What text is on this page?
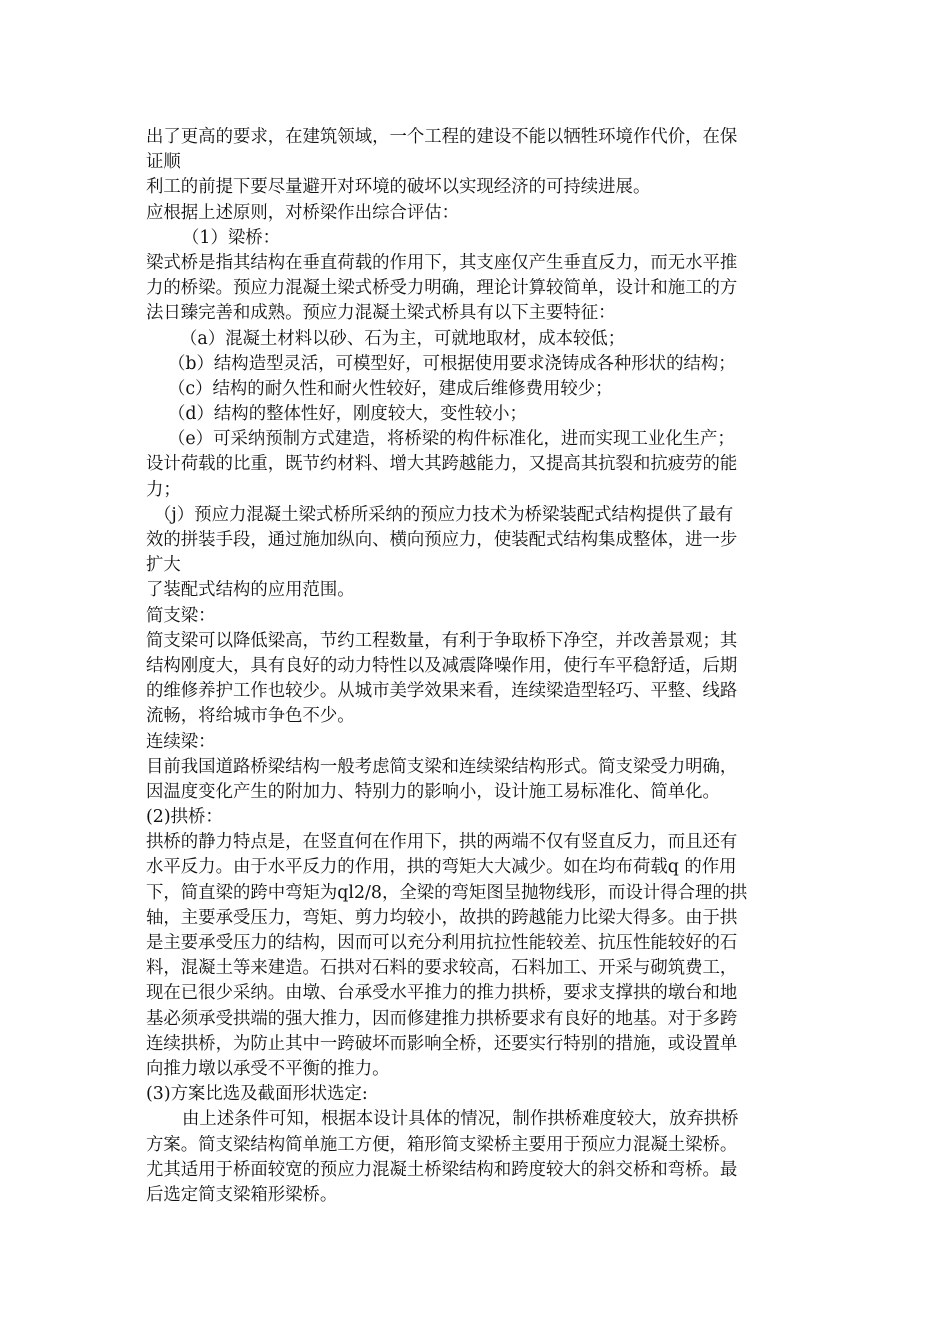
出了更高的要求，在建筑领域，一个工程的建设不能以牺牲环境作代价，在保
证顺
利工的前提下要尽量避开对环境的破坏以实现经济的可持续进展。
应根据上述原则，对桥梁作出综合评估：
（1）梁桥：
梁式桥是指其结构在垂直荷载的作用下，其支座仅产生垂直反力，而无水平推
力的桥梁。预应力混凝土梁式桥受力明确，理论计算较简单，设计和施工的方
法日臻完善和成熟。预应力混凝土梁式桥具有以下主要特征：
（a）混凝土材料以砂、石为主，可就地取材，成本较低；
（b）结构造型灵活，可模型好，可根据使用要求浇铸成各种形状的结构；
（c）结构的耐久性和耐火性较好，建成后维修费用较少；
（d）结构的整体性好，刚度较大，变性较小；
（e）可采纳预制方式建造，将桥梁的构件标准化，进而实现工业化生产；
设计荷载的比重，既节约材料、增大其跨越能力，又提高其抗裂和抗疲劳的能
力；
（j）预应力混凝土梁式桥所采纳的预应力技术为桥梁装配式结构提供了最有
效的拼装手段，通过施加纵向、横向预应力，使装配式结构集成整体，进一步
扩大
了装配式结构的应用范围。
简支梁：
简支梁可以降低梁高，节约工程数量，有利于争取桥下净空，并改善景观；其
结构刚度大，具有良好的动力特性以及减震降噪作用，使行车平稳舒适，后期
的维修养护工作也较少。从城市美学效果来看，连续梁造型轻巧、平整、线路
流畅，将给城市争色不少。
连续梁：
目前我国道路桥梁结构一般考虑简支梁和连续梁结构形式。简支梁受力明确，
因温度变化产生的附加力、特别力的影响小，设计施工易标准化、简单化。
(2)拱桥：
拱桥的静力特点是，在竖直何在作用下，拱的两端不仅有竖直反力，而且还有
水平反力。由于水平反力的作用，拱的弯矩大大减少。如在均布荷载q 的作用
下，简直梁的跨中弯矩为ql2/8，全梁的弯矩图呈抛物线形，而设计得合理的拱
轴，主要承受压力，弯矩、剪力均较小，故拱的跨越能力比梁大得多。由于拱
是主要承受压力的结构，因而可以充分利用抗拉性能较差、抗压性能较好的石
料，混凝土等来建造。石拱对石料的要求较高，石料加工、开采与砌筑费工，
现在已很少采纳。由墩、台承受水平推力的推力拱桥，要求支撑拱的墩台和地
基必须承受拱端的强大推力，因而修建推力拱桥要求有良好的地基。对于多跨
连续拱桥，为防止其中一跨破坏而影响全桥，还要实行特别的措施，或设置单
向推力墩以承受不平衡的推力。
(3)方案比选及截面形状选定:
由上述条件可知，根据本设计具体的情况，制作拱桥难度较大，放弃拱桥
方案。简支梁结构简单施工方便，箱形简支梁桥主要用于预应力混凝土梁桥。
尤其适用于桥面较宽的预应力混凝土桥梁结构和跨度较大的斜交桥和弯桥。最
后选定简支梁箱形梁桥。
